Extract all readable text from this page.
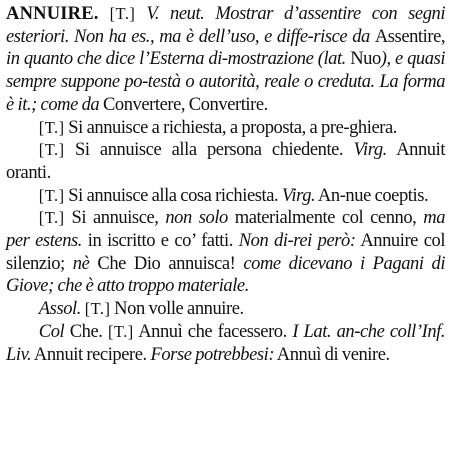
ANNUIRE. [T.] V. neut. Mostrar d’assentire con segni esteriori. Non ha es., ma è dell’uso, e diffe-risce da Assentire, in quanto che dice l’Esterna di-mostrazione (lat. Nuo), e quasi sempre suppone po-testà o autorità, reale o creduta. La forma è it.; come da Convertere, Convertire.

[T.] Si annuisce a richiesta, a proposta, a pre-ghiera.

[T.] Si annuisce alla persona chiedente. Virg. Annuit oranti.

[T.] Si annuisce alla cosa richiesta. Virg. An-nue coeptis.

[T.] Si annuisce, non solo materialmente col cenno, ma per estens. in iscritto e co’ fatti. Non di-rei però: Annuire col silenzio; nè Che Dio annuisca! come dicevano i Pagani di Giove; che è atto troppo materiale.

Assol. [T.] Non volle annuire.

Col Che. [T.] Annuì che facessero. I Lat. an-che coll’Inf. Liv. Annuit recipere. Forse potrebbesi: Annuì di venire.
